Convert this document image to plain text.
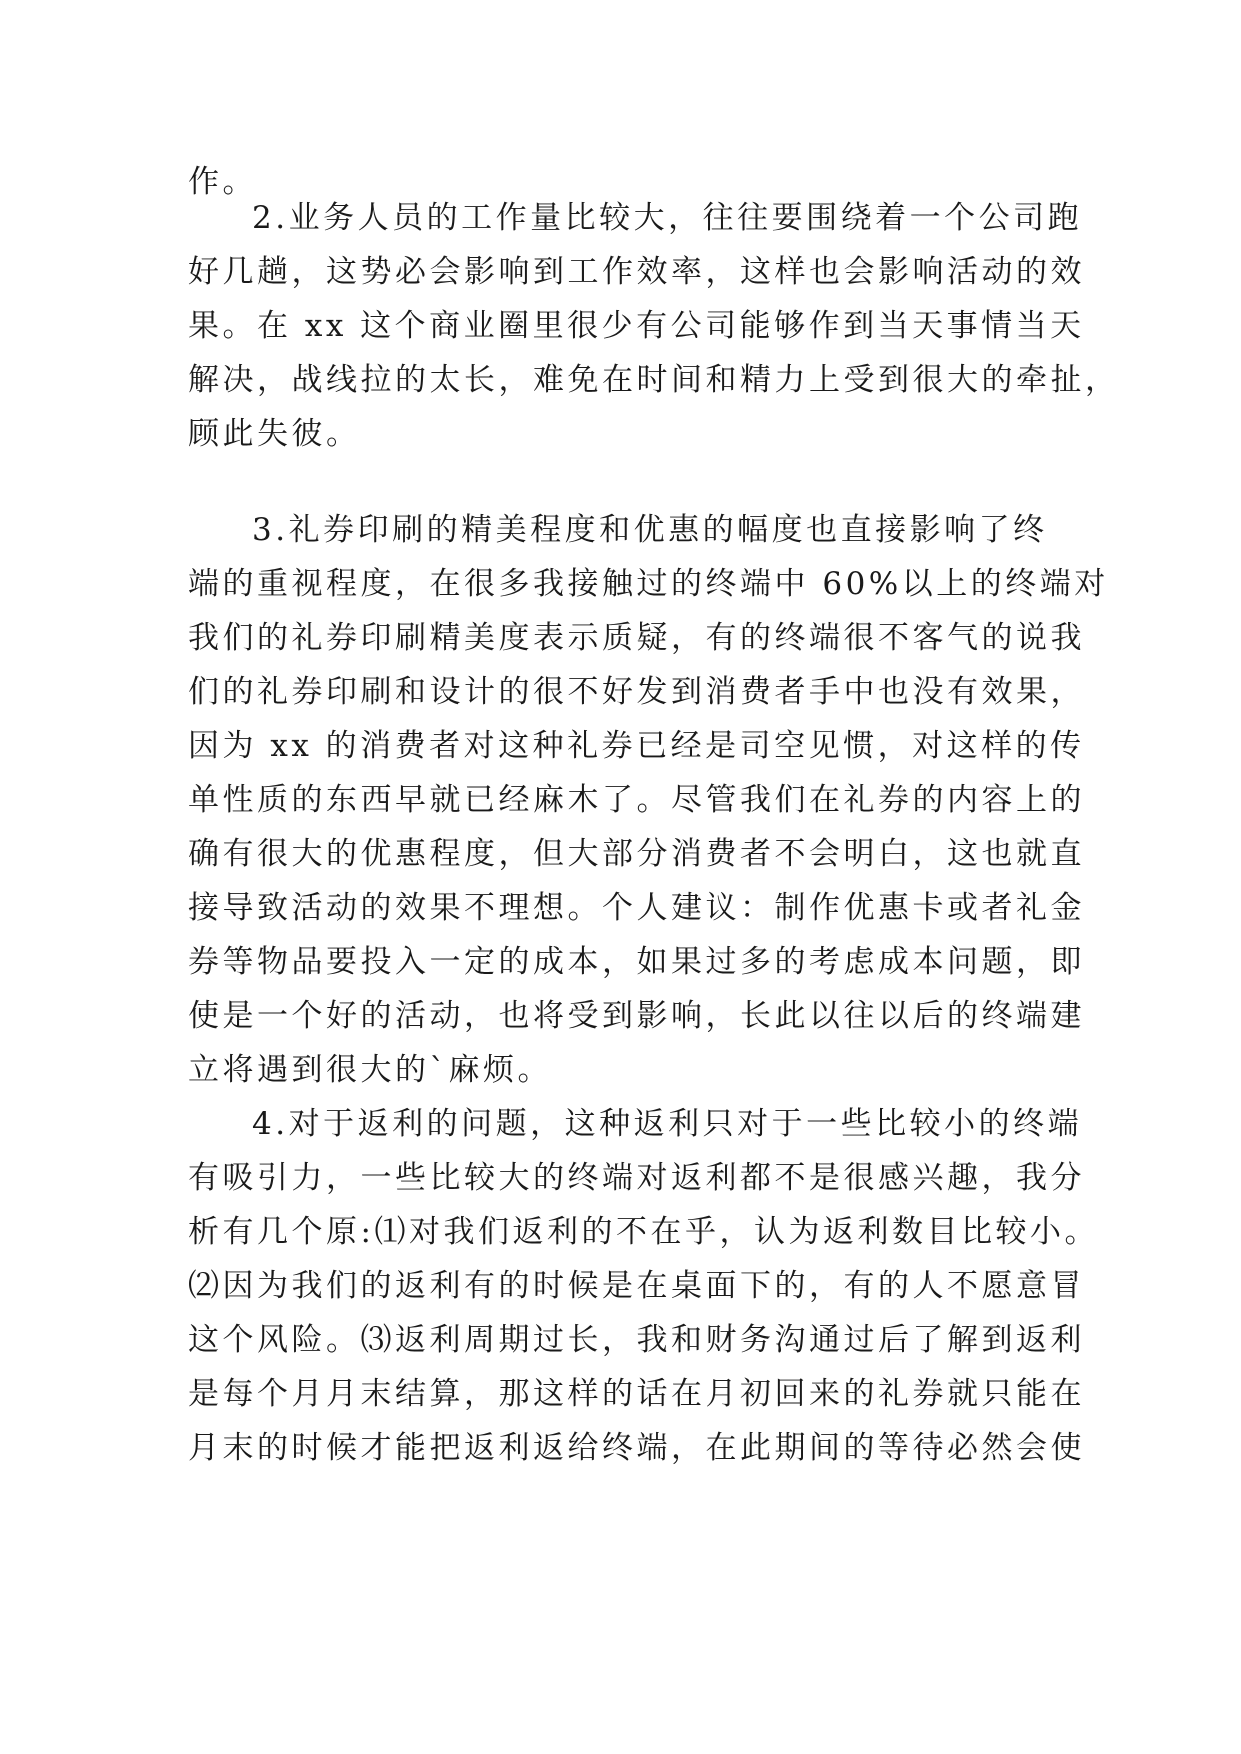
作。
2.业务人员的工作量比较大，往往要围绕着一个公司跑
好几趟，这势必会影响到工作效率，这样也会影响活动的效
果。在 xx 这个商业圈里很少有公司能够作到当天事情当天
解决，战线拉的太长，难免在时间和精力上受到很大的牵扯，
顾此失彼。
3.礼券印刷的精美程度和优惠的幅度也直接影响了终
端的重视程度，在很多我接触过的终端中 60%以上的终端对
我们的礼券印刷精美度表示质疑，有的终端很不客气的说我
们的礼券印刷和设计的很不好发到消费者手中也没有效果，
因为 xx 的消费者对这种礼券已经是司空见惯，对这样的传
单性质的东西早就已经麻木了。尽管我们在礼券的内容上的
确有很大的优惠程度，但大部分消费者不会明白，这也就直
接导致活动的效果不理想。个人建议：制作优惠卡或者礼金
券等物品要投入一定的成本，如果过多的考虑成本问题，即
使是一个好的活动，也将受到影响，长此以往以后的终端建
立将遇到很大的`麻烦。
4.对于返利的问题，这种返利只对于一些比较小的终端
有吸引力，一些比较大的终端对返利都不是很感兴趣，我分
析有几个原:⑴对我们返利的不在乎，认为返利数目比较小。
⑵因为我们的返利有的时候是在桌面下的，有的人不愿意冒
这个风险。⑶返利周期过长，我和财务沟通过后了解到返利
是每个月月末结算，那这样的话在月初回来的礼券就只能在
月末的时候才能把返利返给终端，在此期间的等待必然会使
